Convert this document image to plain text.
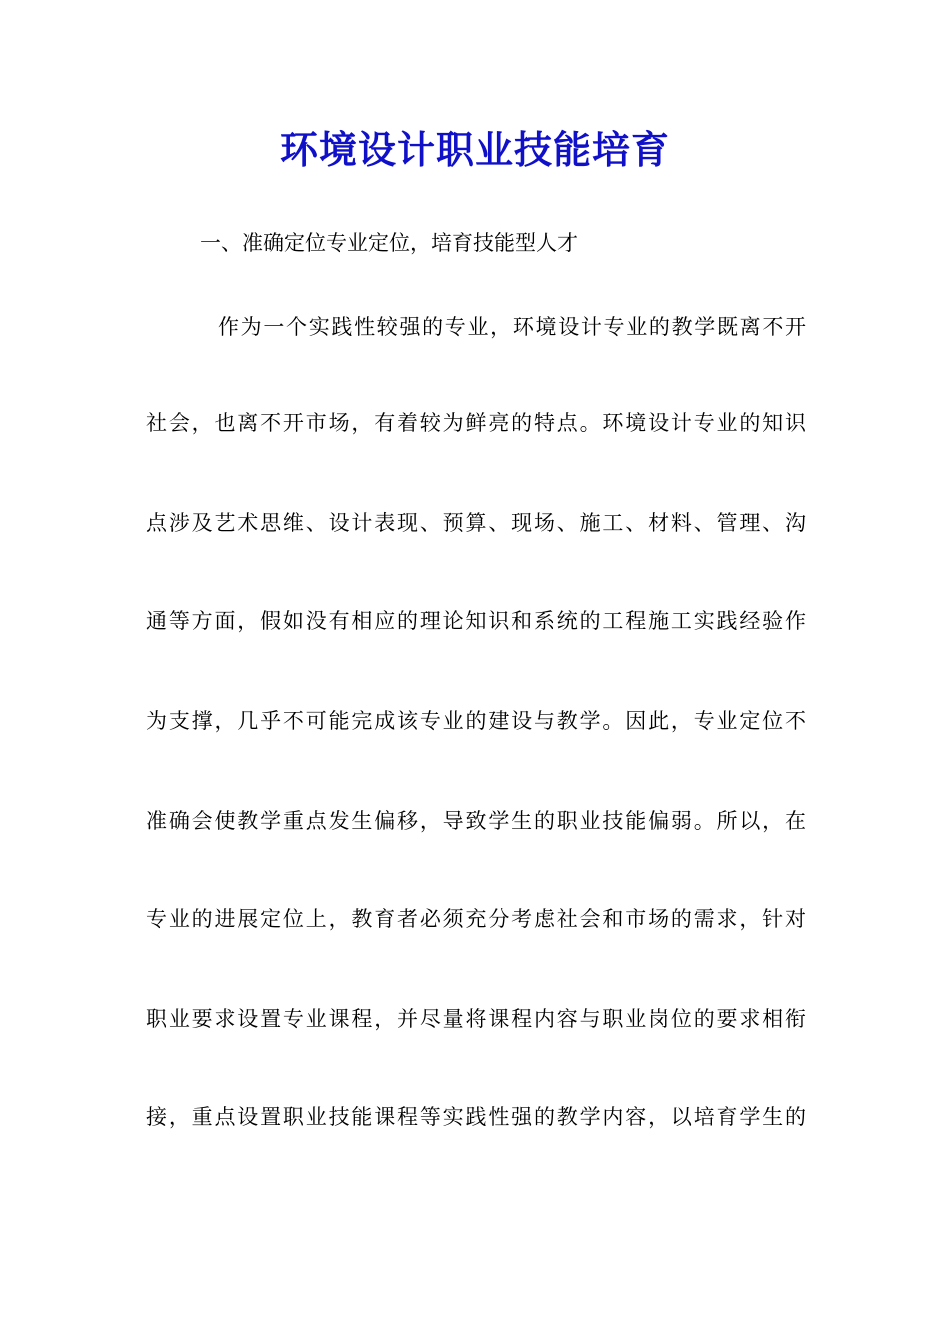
环境设计职业技能培育

一、准确定位专业定位，培育技能型人才

作为一个实践性较强的专业，环境设计专业的教学既离不开

社会，也离不开市场，有着较为鲜亮的特点。环境设计专业的知识

点涉及艺术思维、设计表现、预算、现场、施工、材料、管理、沟

通等方面，假如没有相应的理论知识和系统的工程施工实践经验作

为支撑，几乎不可能完成该专业的建设与教学。因此，专业定位不

准确会使教学重点发生偏移，导致学生的职业技能偏弱。所以，在

专业的进展定位上，教育者必须充分考虑社会和市场的需求，针对

职业要求设置专业课程，并尽量将课程内容与职业岗位的要求相衔

接，重点设置职业技能课程等实践性强的教学内容，以培育学生的
